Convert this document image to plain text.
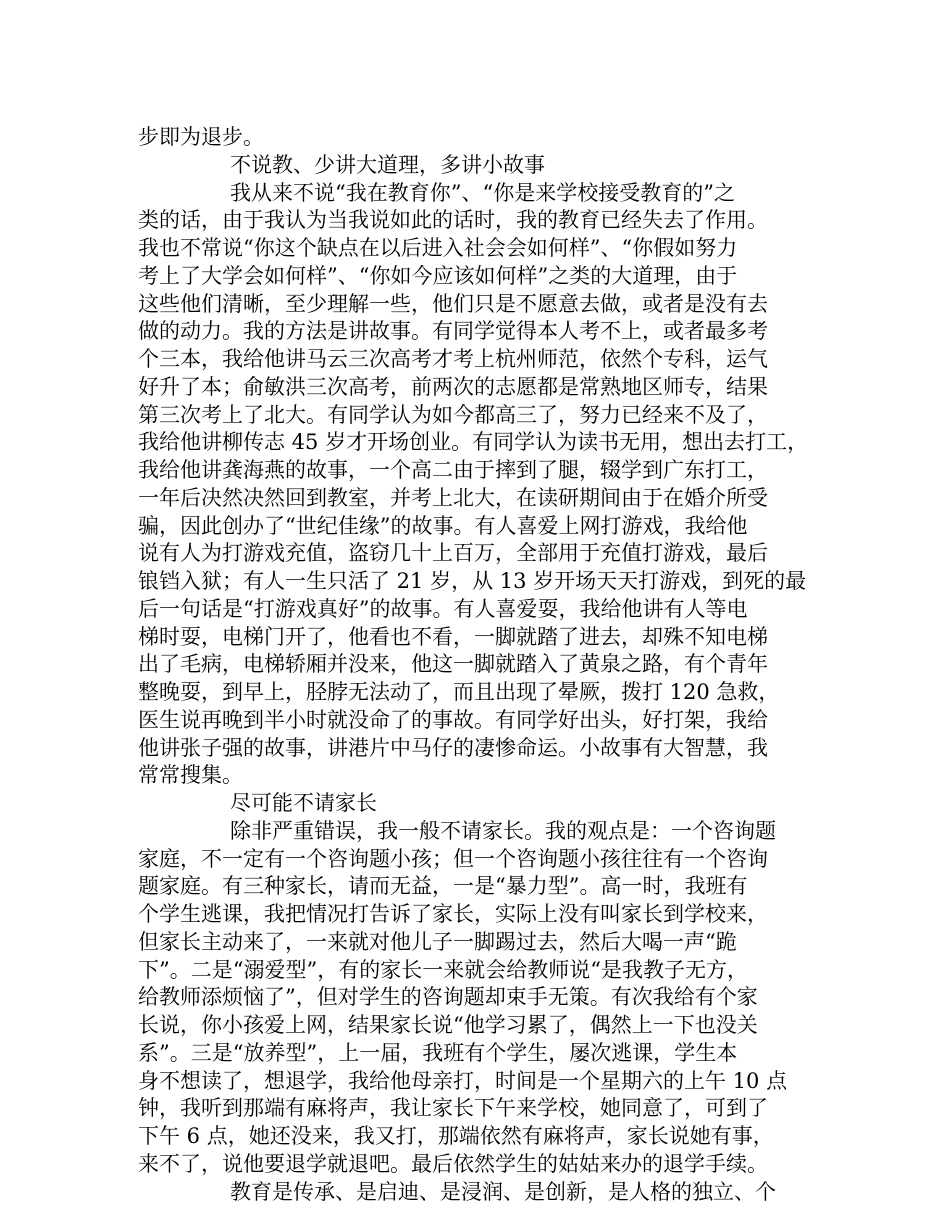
步即为退步。
不说教、少讲大道理，多讲小故事
我从来不说“我在教育你”、“你是来学校接受教育的”之
类的话，由于我认为当我说如此的话时，我的教育已经失去了作用。
我也不常说“你这个缺点在以后进入社会会如何样”、“你假如努力
考上了大学会如何样”、“你如今应该如何样”之类的大道理，由于
这些他们清晰，至少理解一些，他们只是不愿意去做，或者是没有去
做的动力。我的方法是讲故事。有同学觉得本人考不上，或者最多考
个三本，我给他讲马云三次高考才考上杭州师范，依然个专科，运气
好升了本；俞敏洪三次高考，前两次的志愿都是常熟地区师专，结果
第三次考上了北大。有同学认为如今都高三了，努力已经来不及了，
我给他讲柳传志 45 岁才开场创业。有同学认为读书无用，想出去打工，
我给他讲龚海燕的故事，一个高二由于摔到了腿，辍学到广东打工，
一年后决然决然回到教室，并考上北大，在读研期间由于在婚介所受
骗，因此创办了“世纪佳缘”的故事。有人喜爱上网打游戏，我给他
说有人为打游戏充值，盗窃几十上百万，全部用于充值打游戏，最后
锒铛入狱；有人一生只活了 21 岁，从 13 岁开场天天打游戏，到死的最
后一句话是“打游戏真好”的故事。有人喜爱耍，我给他讲有人等电
梯时耍，电梯门开了，他看也不看，一脚就踏了进去，却殊不知电梯
出了毛病，电梯轿厢并没来，他这一脚就踏入了黄泉之路，有个青年
整晚耍，到早上，胫脖无法动了，而且出现了晕厥，拨打 120 急救，
医生说再晚到半小时就没命了的事故。有同学好出头，好打架，我给
他讲张子强的故事，讲港片中马仔的凄惨命运。小故事有大智慧，我
常常搜集。
尽可能不请家长
除非严重错误，我一般不请家长。我的观点是：一个咨询题
家庭，不一定有一个咨询题小孩；但一个咨询题小孩往往有一个咨询
题家庭。有三种家长，请而无益，一是“暴力型”。高一时，我班有
个学生逃课，我把情况打告诉了家长，实际上没有叫家长到学校来，
但家长主动来了，一来就对他儿子一脚踢过去，然后大喝一声“跪
下”。二是“溺爱型”，有的家长一来就会给教师说“是我教子无方，
给教师添烦恼了”，但对学生的咨询题却束手无策。有次我给有个家
长说，你小孩爱上网，结果家长说“他学习累了，偶然上一下也没关
系”。三是“放养型”，上一届，我班有个学生，屡次逃课，学生本
身不想读了，想退学，我给他母亲打，时间是一个星期六的上午 10 点
钟，我听到那端有麻将声，我让家长下午来学校，她同意了，可到了
下午 6 点，她还没来，我又打，那端依然有麻将声，家长说她有事，
来不了，说他要退学就退吧。最后依然学生的姑姑来办的退学手续。
教育是传承、是启迪、是浸润、是创新，是人格的独立、个
